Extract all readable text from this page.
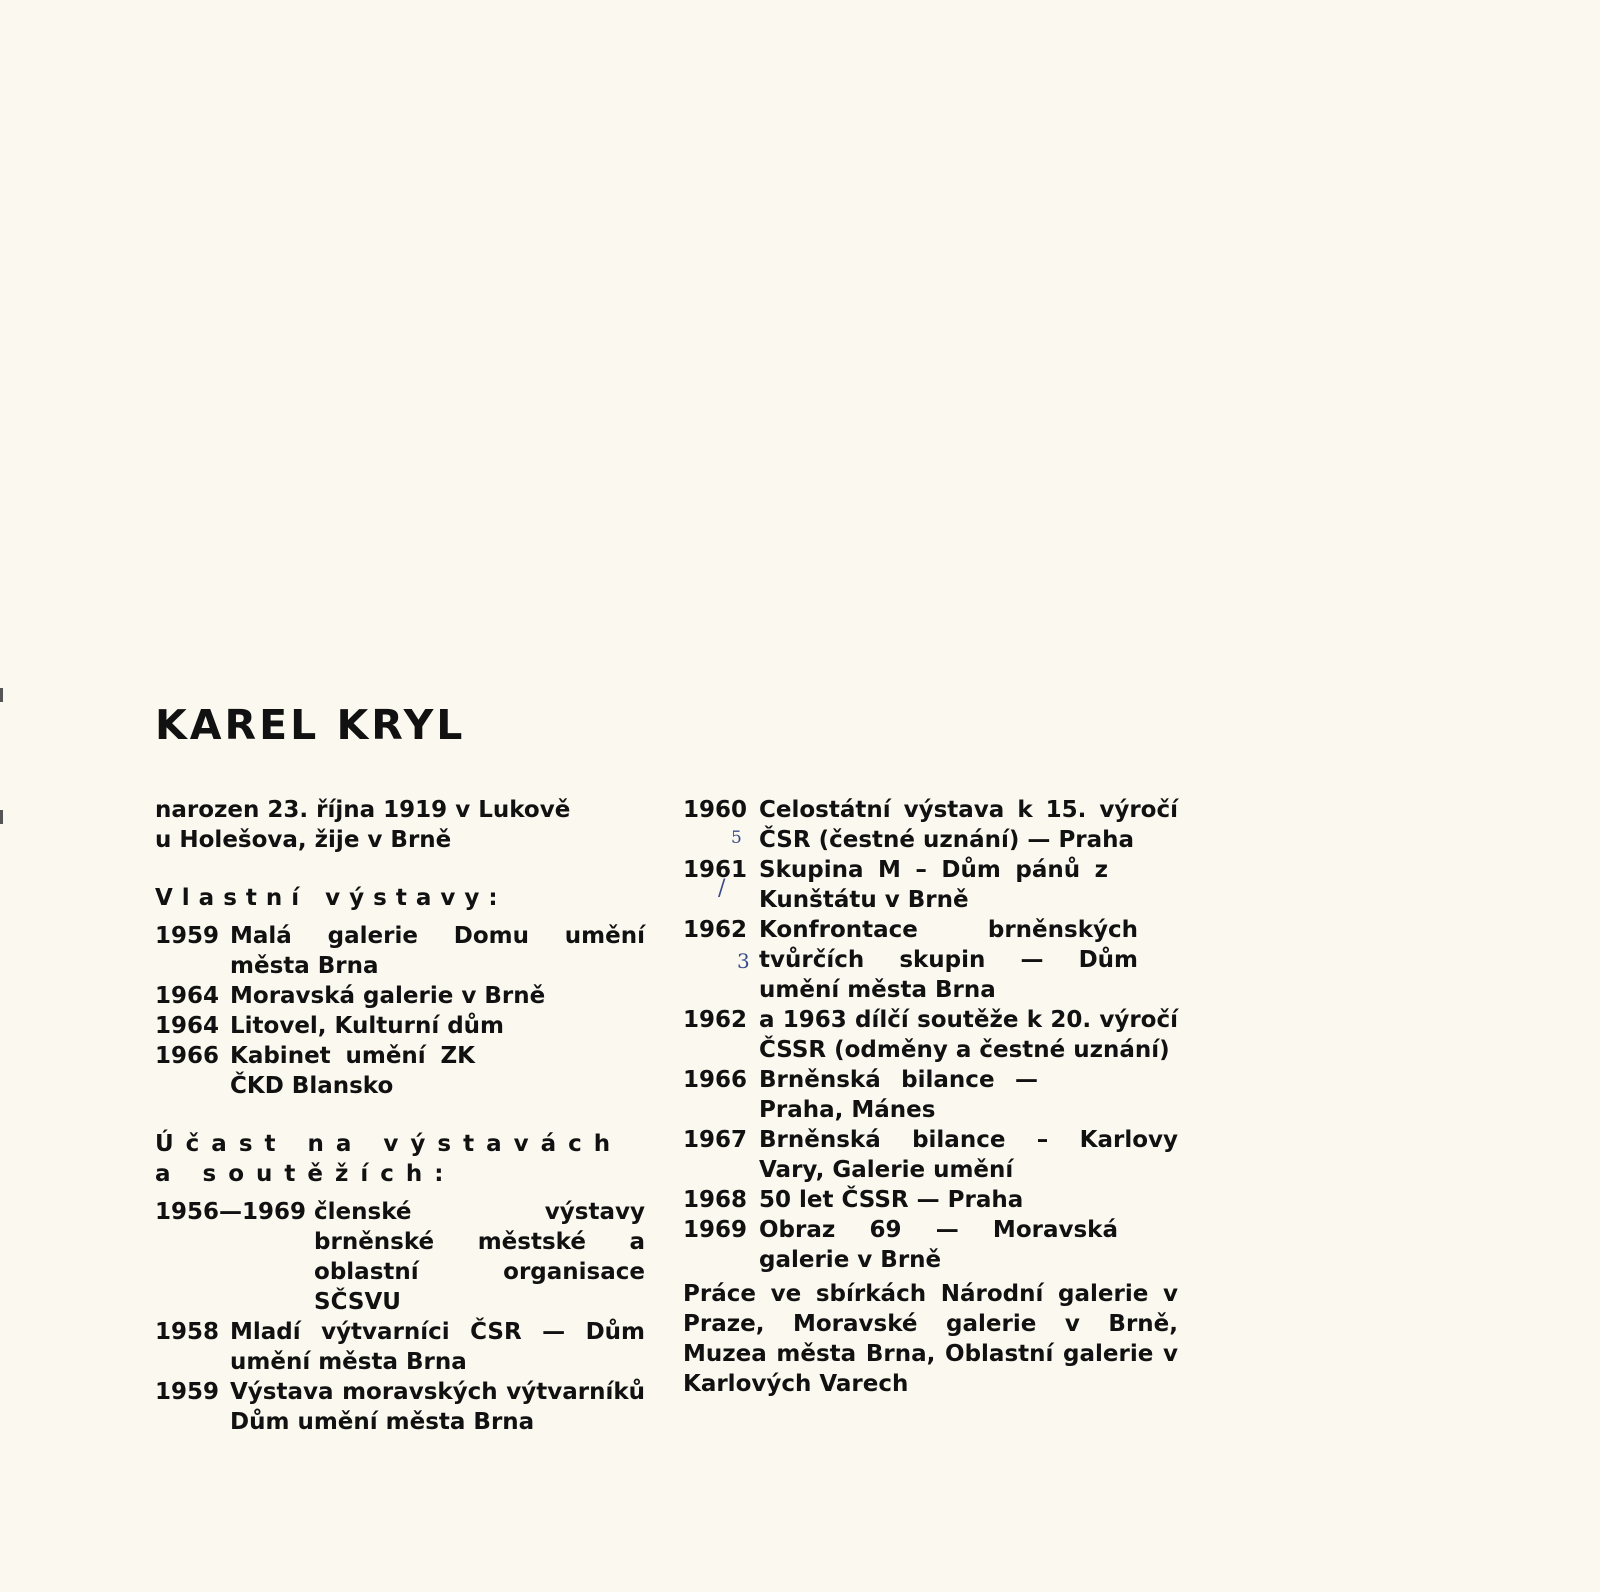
KAREL KRYL
narozen 23. října 1919 v Lukově
u Holešova, žije v Brně
Vlastní výstavy:
1959 Malá galerie Domu umění města Brna
1964 Moravská galerie v Brně
1964 Litovel, Kulturní dům
1966 Kabinet umění ZK ČKD Blansko
Účast na výstavách
a soutěžích:
1956—1969 členské výstavy brněnské městské a oblastní organisace SČSVU
1958 Mladí výtvarníci ČSR — Dům umění města Brna
1959 Výstava moravských výtvarníků Dům umění města Brna
1960 Celostátní výstava k 15. výročí ČSR (čestné uznání) — Praha
1961 Skupina M – Dům pánů z Kunštátu v Brně
1962 Konfrontace brněnských tvůrčích skupin — Dům umění města Brna
1962 a 1963 dílčí soutěže k 20. výročí ČSSR (odměny a čestné uznání)
1966 Brněnská bilance — Praha, Mánes
1967 Brněnská bilance – Karlovy Vary, Galerie umění
1968 50 let ČSSR — Praha
1969 Obraz 69 — Moravská galerie v Brně
Práce ve sbírkách Národní galerie v Praze, Moravské galerie v Brně, Muzea města Brna, Oblastní galerie v Karlových Varech
5
/
3
